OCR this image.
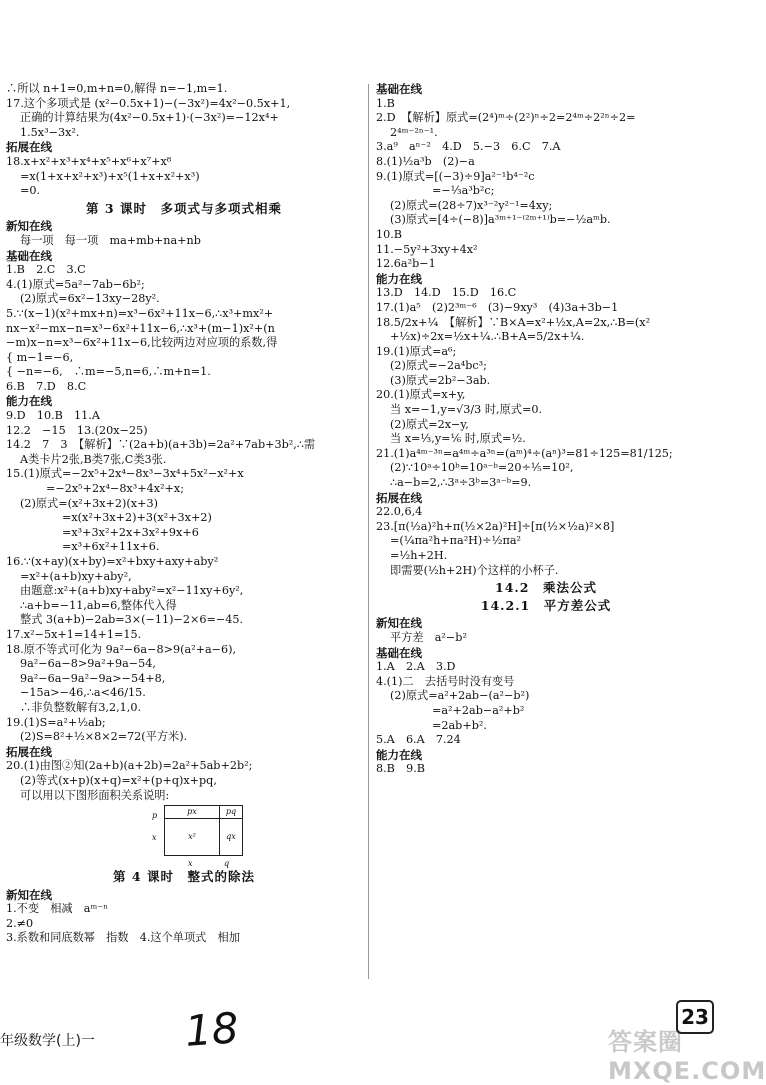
∴所以 n+1=0,m+n=0,解得 n=−1,m=1.
17.这个多项式是 (x²−0.5x+1)−(−3x²)=4x²−0.5x+1,
正确的计算结果为(4x²−0.5x+1)·(−3x²)=−12x⁴+
1.5x³−3x².
拓展在线
18.x+x²+x³+x⁴+x⁵+x⁶+x⁷+x⁸
=x(1+x+x²+x³)+x⁵(1+x+x²+x³)
=0.
第 3 课时　多项式与多项式相乘
新知在线
每一项　每一项　ma+mb+na+nb
基础在线
1.B　2.C　3.C
4.(1)原式=5a²−7ab−6b²;
(2)原式=6x²−13xy−28y².
5.∵(x−1)(x²+mx+n)=x³−6x²+11x−6,∴x³+mx²+
nx−x²−mx−n=x³−6x²+11x−6,∴x³+(m−1)x²+(n
−m)x−n=x³−6x²+11x−6,比较两边对应项的系数,得
{ m−1=−6,
{ −n=−6,　∴m=−5,n=6,∴m+n=1.
6.B　7.D　8.C
能力在线
9.D　10.B　11.A
12.2　−15　13.(20x−25)
14.2　7　3　【解析】∵(2a+b)(a+3b)=2a²+7ab+3b²,∴需
A类卡片2张,B类7张,C类3张.
15.(1)原式=−2x⁵+2x⁴−8x³−3x⁴+5x²−x²+x
=−2x⁵+2x⁴−8x³+4x²+x;
(2)原式=(x²+3x+2)(x+3)
=x(x²+3x+2)+3(x²+3x+2)
=x³+3x²+2x+3x²+9x+6
=x³+6x²+11x+6.
16.∵(x+ay)(x+by)=x²+bxy+axy+aby²
=x²+(a+b)xy+aby²,
由题意:x²+(a+b)xy+aby²=x²−11xy+6y²,
∴a+b=−11,ab=6,整体代入得
整式 3(a+b)−2ab=3×(−11)−2×6=−45.
17.x²−5x+1=14+1=15.
18.原不等式可化为 9a²−6a−8>9(a²+a−6),
9a²−6a−8>9a²+9a−54,
9a²−6a−9a²−9a>−54+8,
−15a>−46,∴a<46/15.
∴非负整数解有3,2,1,0.
19.(1)S=a²+½ab;
(2)S=8²+½×8×2=72(平方米).
拓展在线
20.(1)由图②知(2a+b)(a+2b)=2a²+5ab+2b²;
(2)等式(x+p)(x+q)=x²+(p+q)x+pq,
可以用以下图形面积关系说明:
p
x
x	q
px	pq
x²	qx
第 4 课时　整式的除法
新知在线
1.不变　相减　aᵐ⁻ⁿ
2.≠0
3.系数和同底数幂　指数　4.这个单项式　相加
基础在线
1.B
2.D　【解析】原式=(2⁴)ᵐ÷(2²)ⁿ÷2=2⁴ᵐ÷2²ⁿ÷2=
2⁴ᵐ⁻²ⁿ⁻¹.
3.a⁹　aⁿ⁻²　4.D　5.−3　6.C　7.A
8.(1)½a³b　(2)−a
9.(1)原式=[(−3)÷9]a²⁻¹b⁴⁻²c
=−⅓a³b²c;
(2)原式=(28÷7)x³⁻²y²⁻¹=4xy;
(3)原式=[4÷(−8)]a³ᵐ⁺¹⁻⁽²ᵐ⁺¹⁾b=−½aᵐb.
10.B
11.−5y²+3xy+4x²
12.6a²b−1
能力在线
13.D　14.D　15.D　16.C
17.(1)a⁵　(2)2³ᵐ⁻⁶　(3)−9xy³　(4)3a+3b−1
18.5/2x+¼　【解析】∵B×A=x²+½x,A=2x,∴B=(x²
+½x)÷2x=½x+¼.∴B+A=5/2x+¼.
19.(1)原式=a⁶;
(2)原式=−2a⁴bc³;
(3)原式=2b²−3ab.
20.(1)原式=x+y,
当 x=−1,y=√3/3 时,原式=0.
(2)原式=2x−y,
当 x=⅓,y=⅙ 时,原式=½.
21.(1)a⁴ᵐ⁻³ⁿ=a⁴ᵐ÷a³ⁿ=(aᵐ)⁴÷(aⁿ)³=81÷125=81/125;
(2)∵10ᵃ÷10ᵇ=10ᵃ⁻ᵇ=20÷⅕=10²,
∴a−b=2,∴3ᵃ÷3ᵇ=3ᵃ⁻ᵇ=9.
拓展在线
22.0,6,4
23.[π(½a)²h+π(½×2a)²H]÷[π(½×½a)²×8]
=(¼πa²h+πa²H)÷½πa²
=½h+2H.
即需要(½h+2H)个这样的小杯子.
14.2　乘法公式
14.2.1　平方差公式
新知在线
平方差　a²−b²
基础在线
1.A　2.A　3.D
4.(1)二　去括号时没有变号
(2)原式=a²+2ab−(a²−b²)
=a²+2ab−a²+b²
=2ab+b².
5.A　6.A　7.24
能力在线
8.B　9.B
年级数学(上)一 18	答案圈 MXQE.COM
23
